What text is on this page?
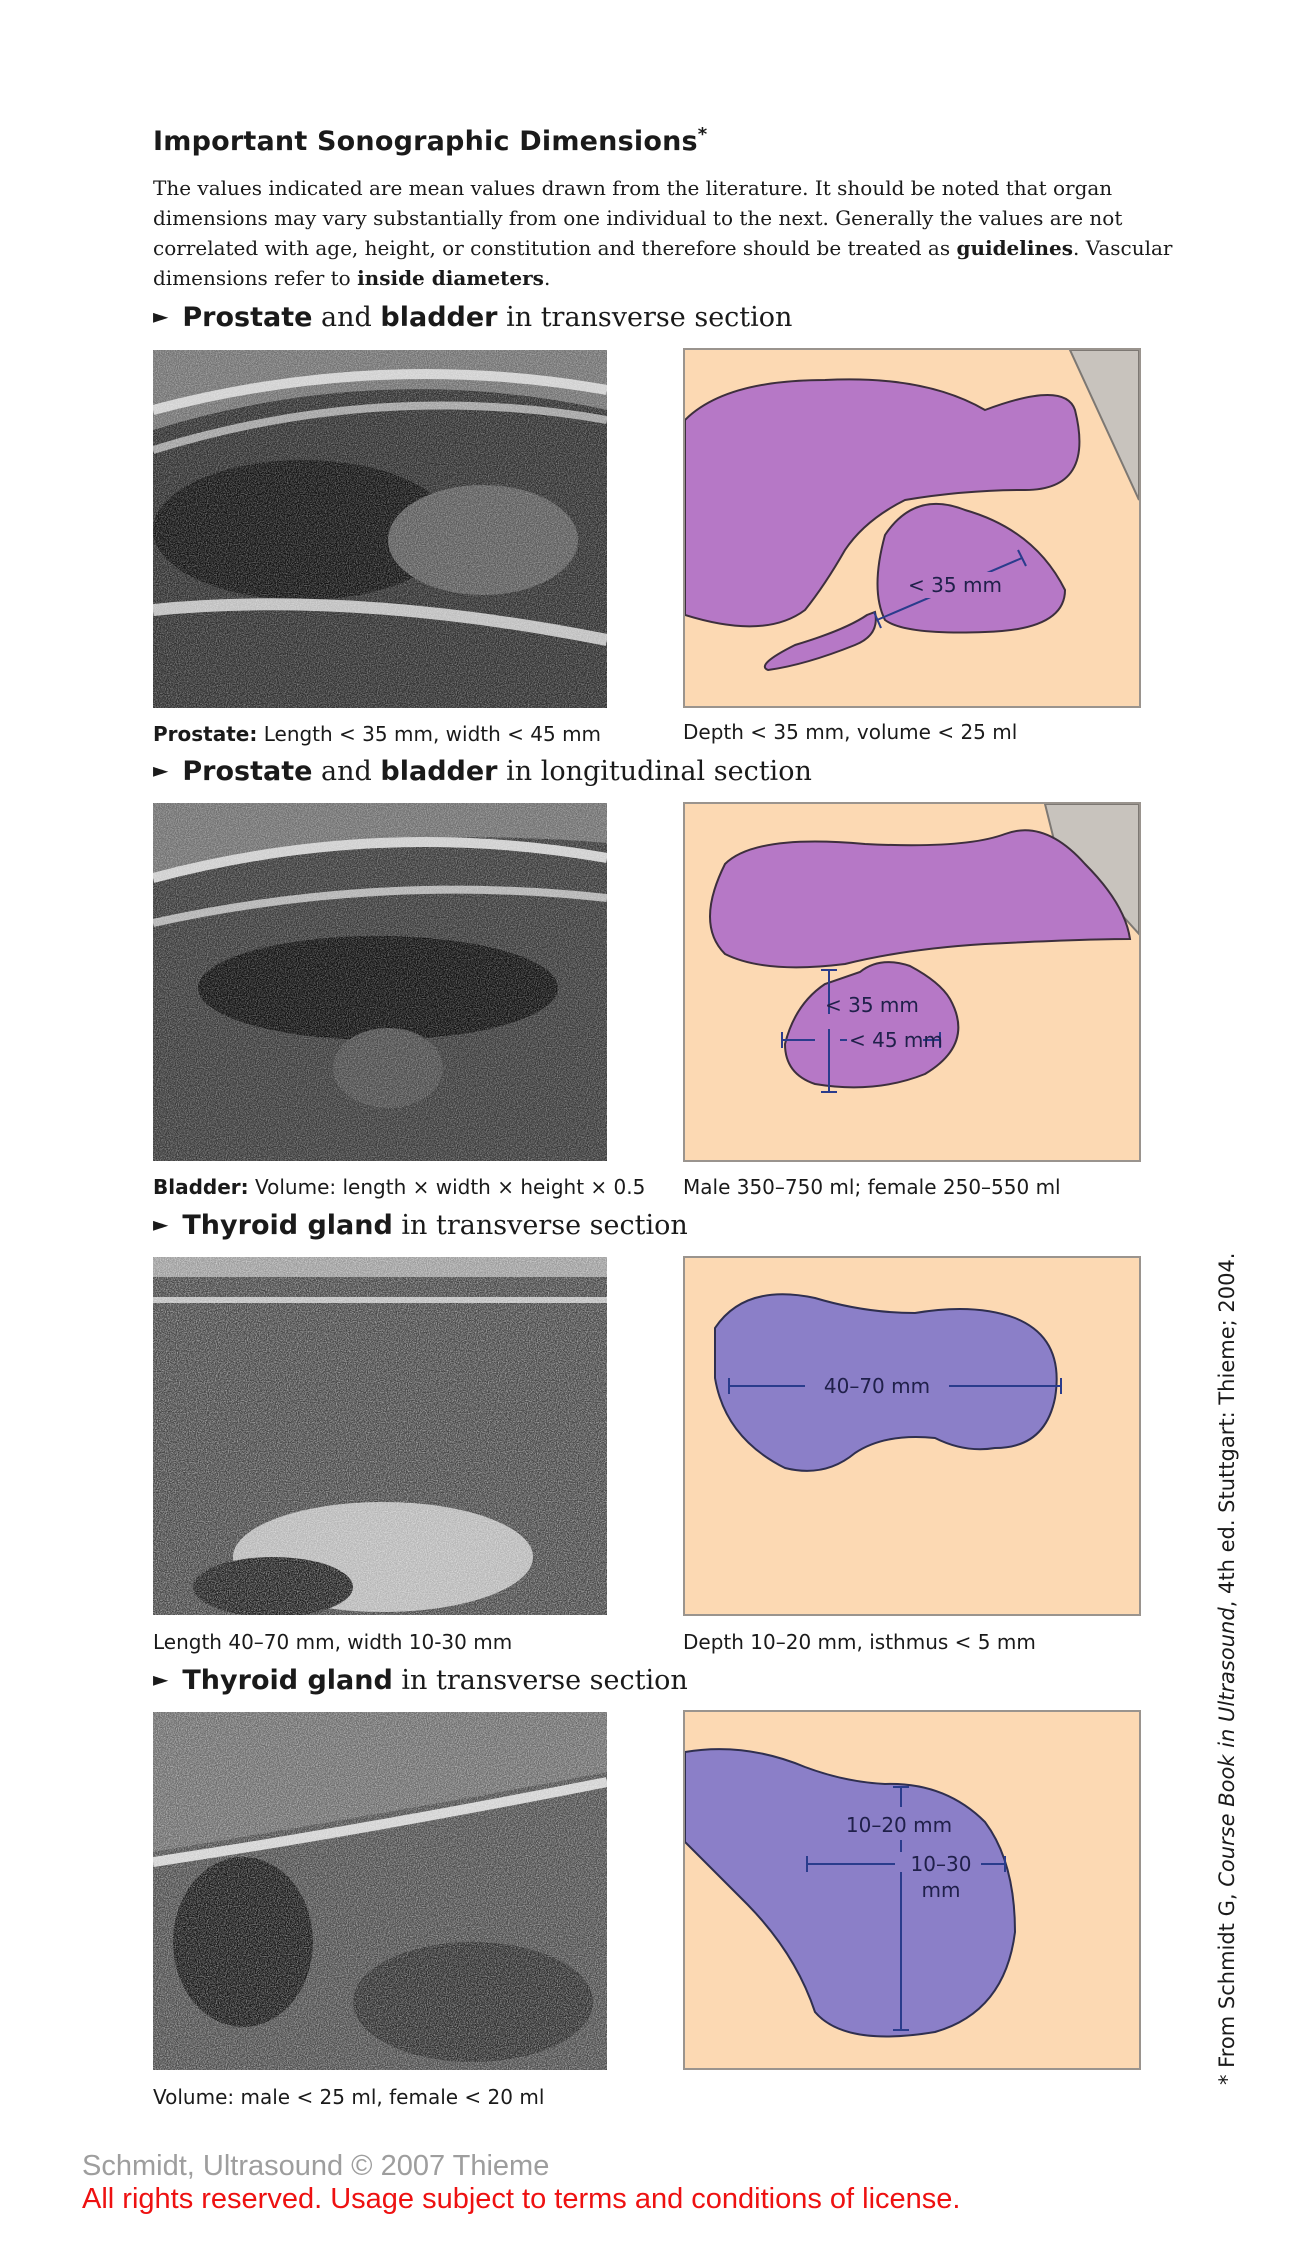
Important Sonographic Dimensions*
The values indicated are mean values drawn from the literature. It should be noted that organ dimensions may vary substantially from one individual to the next. Generally the values are not correlated with age, height, or constitution and therefore should be treated as guidelines. Vascular dimensions refer to inside diameters.
► Prostate and bladder in transverse section
< 35 mm
Prostate: Length < 35 mm, width < 45 mm	Depth < 35 mm, volume < 25 ml
► Prostate and bladder in longitudinal section
< 35 mm
< 45 mm
Bladder: Volume: length × width × height × 0.5 Male 350–750 ml; female 250–550 ml
► Thyroid gland in transverse section
40–70 mm
Length 40–70 mm, width 10-30 mm	Depth 10–20 mm, isthmus < 5 mm
► Thyroid gland in transverse section
10–20 mm
10–30
mm
Volume: male < 25 ml, female < 20 ml
* From Schmidt G, Course Book in Ultrasound, 4th ed. Stuttgart: Thieme; 2004.
Schmidt, Ultrasound © 2007 Thieme
All rights reserved. Usage subject to terms and conditions of license.
